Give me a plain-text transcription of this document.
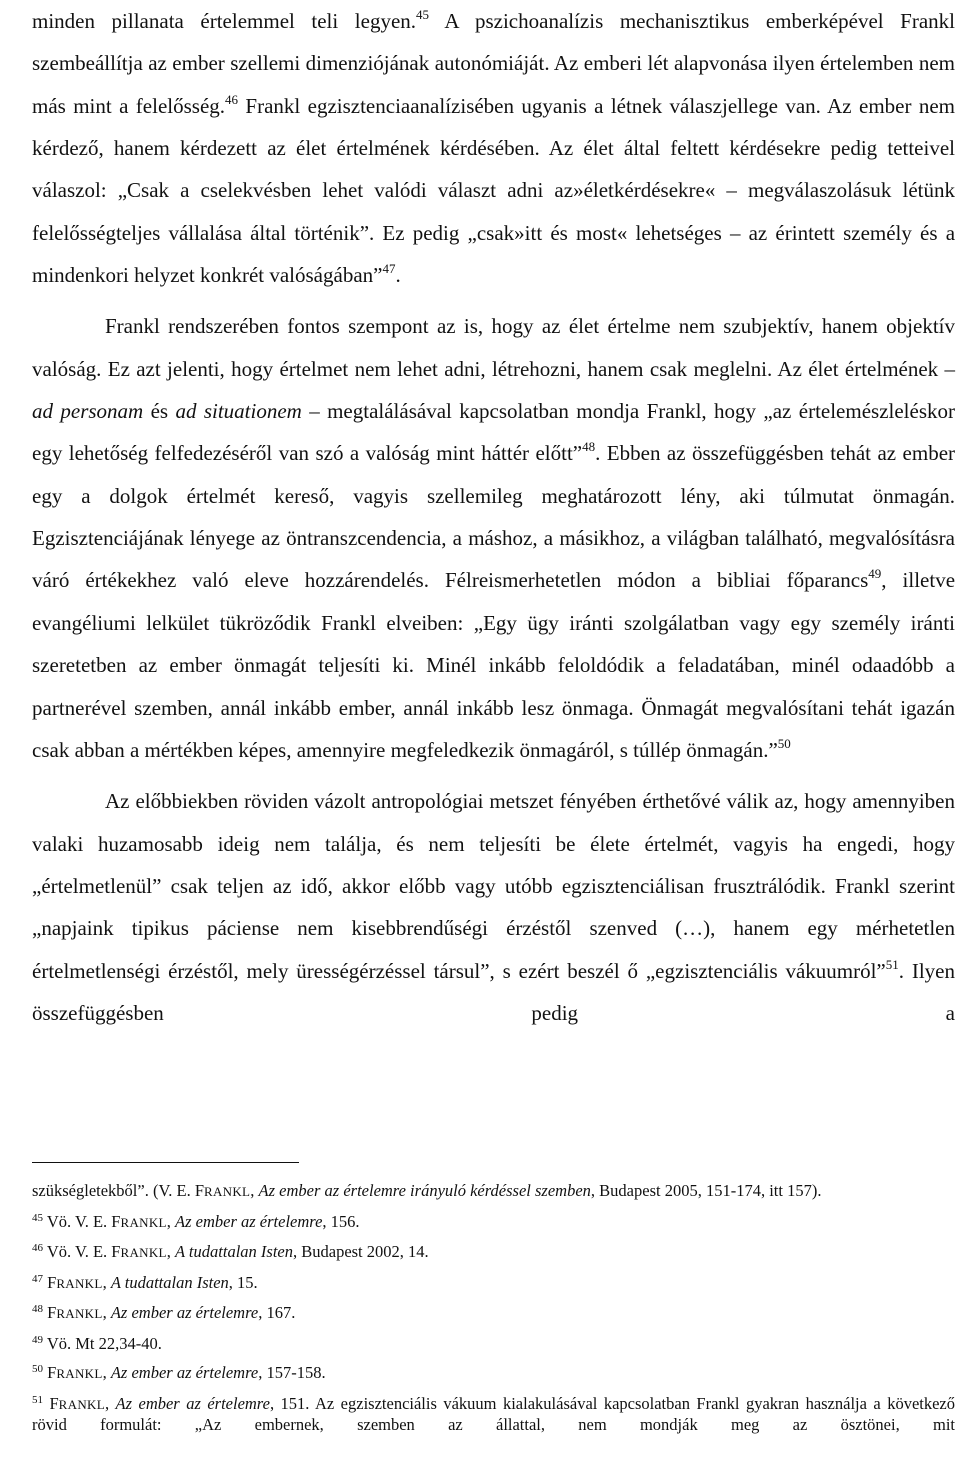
minden pillanata értelemmel teli legyen.$^{45}$ A pszichoanalízis mechanisztikus emberképével Frankl szembeállítja az ember szellemi dimenziójának autonómiáját. Az emberi lét alapvonása ilyen értelemben nem más mint a felelősség.$^{46}$ Frankl egzisztenciaanalízisében ugyanis a létnek válaszjellege van. Az ember nem kérdező, hanem kérdezett az élet értelmének kérdésében. Az élet által feltett kérdésekre pedig tetteivel válaszol: „Csak a cselekvésben lehet valódi választ adni az»életkérdésekre« – megválaszolásuk létünk felelősségteljes vállalása által történik”. Ez pedig „csak»itt és most« lehetséges – az érintett személy és a mindenkori helyzet konkrét valóságában”$^{47}$.

Frankl rendszerében fontos szempont az is, hogy az élet értelme nem szubjektív, hanem objektív valóság. Ez azt jelenti, hogy értelmet nem lehet adni, létrehozni, hanem csak meglelni. Az élet értelmének – ad personam és ad situationem – megtalálásával kapcsolatban mondja Frankl, hogy „az értelemészleléskor egy lehetőség felfedezéséről van szó a valóság mint háttér előtt”$^{48}$. Ebben az összefüggésben tehát az ember egy a dolgok értelmét kereső, vagyis szellemileg meghatározott lény, aki túlmutat önmagán. Egzisztenciájának lényege az öntranszcendencia, a máshoz, a másikhoz, a világban található, megvalósításra váró értékekhez való eleve hozzárendelés. Félreismerhetetlen módon a bibliai főparancs$^{49}$, illetve evangéliumi lelkület tükröződik Frankl elveiben: „Egy ügy iránti szolgálatban vagy egy személy iránti szeretetben az ember önmagát teljesíti ki. Minél inkább feloldódik a feladatában, minél odaadóbb a partnerével szemben, annál inkább ember, annál inkább lesz önmaga. Önmagát megvalósítani tehát igazán csak abban a mértékben képes, amennyire megfeledkezik önmagáról, s túllép önmagán.”$^{50}$

Az előbbiekben röviden vázolt antropológiai metszet fényében érthetővé válik az, hogy amennyiben valaki huzamosabb ideig nem találja, és nem teljesíti be élete értelmét, vagyis ha engedi, hogy „értelmetlenül” csak teljen az idő, akkor előbb vagy utóbb egzisztenciálisan frusztrálódik. Frankl szerint „napjaink tipikus páciense nem kisebbrendűségi érzéstől szenved (…), hanem egy mérhetetlen értelmetlenségi érzéstől, mely ürességérzéssel társul”, s ezért beszél ő „egzisztenciális vákuumról”$^{51}$. Ilyen összefüggésben pedig a

szükségletekből”. (V. E. FRANKL, Az ember az értelemre irányuló kérdéssel szemben, Budapest 2005, 151-174, itt 157).

$^{45}$ Vö. V. E. FRANKL, Az ember az értelemre, 156.

$^{46}$ Vö. V. E. FRANKL, A tudattalan Isten, Budapest 2002, 14.

$^{47}$ FRANKL, A tudattalan Isten, 15.

$^{48}$ FRANKL, Az ember az értelemre, 167.

$^{49}$ Vö. Mt 22,34-40.

$^{50}$ FRANKL, Az ember az értelemre, 157-158.

$^{51}$ FRANKL, Az ember az értelemre, 151. Az egzisztenciális vákuum kialakulásával kapcsolatban Frankl gyakran használja a következő rövid formulát: „Az embernek, szemben az állattal, nem mondják meg az ösztönei, mit
